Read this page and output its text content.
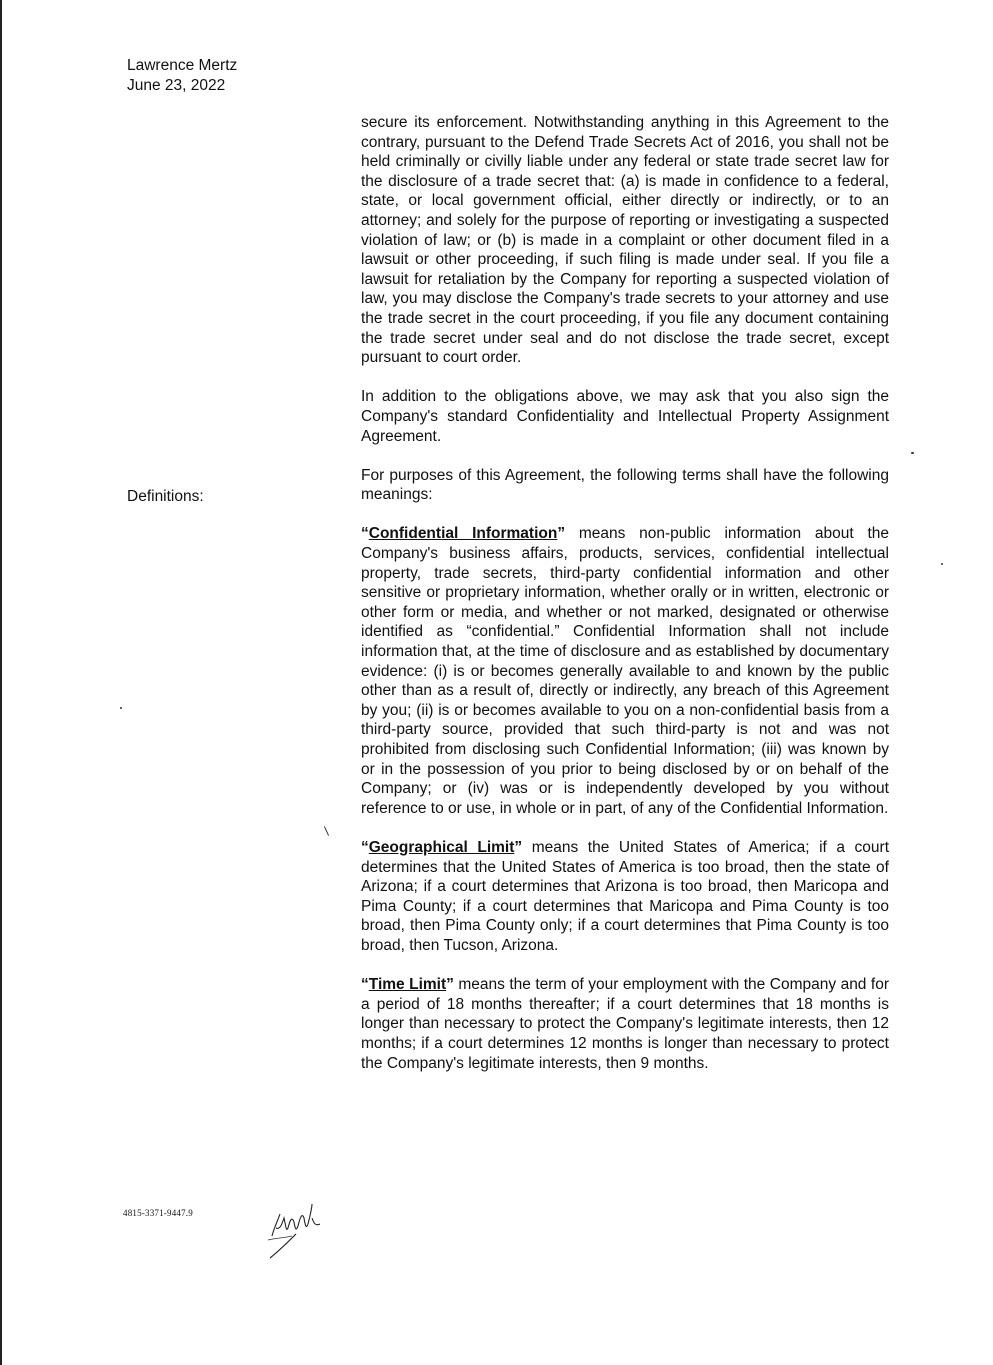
Lawrence Mertz
June 23, 2022
Definitions:

secure its enforcement. Notwithstanding anything in this Agreement to the contrary, pursuant to the Defend Trade Secrets Act of 2016, you shall not be held criminally or civilly liable under any federal or state trade secret law for the disclosure of a trade secret that: (a) is made in confidence to a federal, state, or local government official, either directly or indirectly, or to an attorney; and solely for the purpose of reporting or investigating a suspected violation of law; or (b) is made in a complaint or other document filed in a lawsuit or other proceeding, if such filing is made under seal. If you file a lawsuit for retaliation by the Company for reporting a suspected violation of law, you may disclose the Company's trade secrets to your attorney and use the trade secret in the court proceeding, if you file any document containing the trade secret under seal and do not disclose the trade secret, except pursuant to court order.

In addition to the obligations above, we may ask that you also sign the Company's standard Confidentiality and Intellectual Property Assignment Agreement.

For purposes of this Agreement, the following terms shall have the following meanings:

“Confidential Information” means non-public information about the Company's business affairs, products, services, confidential intellectual property, trade secrets, third-party confidential information and other sensitive or proprietary information, whether orally or in written, electronic or other form or media, and whether or not marked, designated or otherwise identified as “confidential.” Confidential Information shall not include information that, at the time of disclosure and as established by documentary evidence: (i) is or becomes generally available to and known by the public other than as a result of, directly or indirectly, any breach of this Agreement by you; (ii) is or becomes available to you on a non-confidential basis from a third-party source, provided that such third-party is not and was not prohibited from disclosing such Confidential Information; (iii) was known by or in the possession of you prior to being disclosed by or on behalf of the Company; or (iv) was or is independently developed by you without reference to or use, in whole or in part, of any of the Confidential Information.

“Geographical Limit” means the United States of America; if a court determines that the United States of America is too broad, then the state of Arizona; if a court determines that Arizona is too broad, then Maricopa and Pima County; if a court determines that Maricopa and Pima County is too broad, then Pima County only; if a court determines that Pima County is too broad, then Tucson, Arizona.

“Time Limit” means the term of your employment with the Company and for a period of 18 months thereafter; if a court determines that 18 months is longer than necessary to protect the Company's legitimate interests, then 12 months; if a court determines 12 months is longer than necessary to protect the Company's legitimate interests, then 9 months.

4815-3371-9447.9
